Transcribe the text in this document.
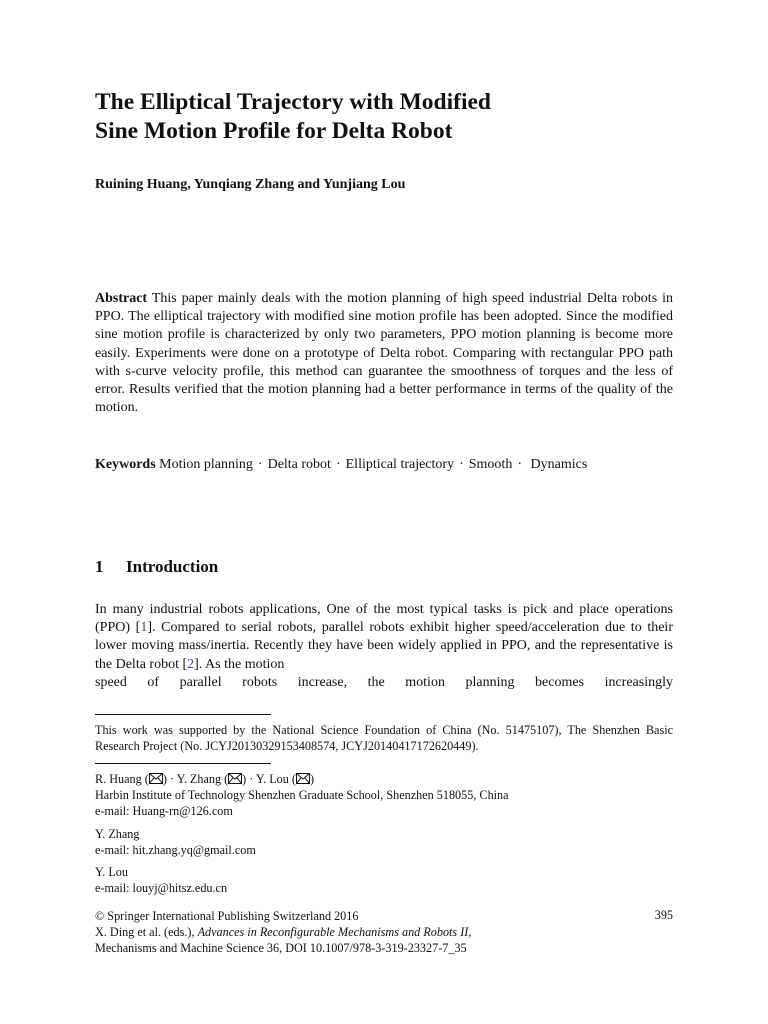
The Elliptical Trajectory with Modified
Sine Motion Profile for Delta Robot

Ruining Huang, Yunqiang Zhang and Yunjiang Lou

Abstract This paper mainly deals with the motion planning of high speed industrial Delta robots in PPO. The elliptical trajectory with modified sine motion profile has been adopted. Since the modified sine motion profile is characterized by only two parameters, PPO motion planning is become more easily. Experiments were done on a prototype of Delta robot. Comparing with rectangular PPO path with s-curve velocity profile, this method can guarantee the smoothness of torques and the less of error. Results verified that the motion planning had a better performance in terms of the quality of the motion.

Keywords Motion planning · Delta robot · Elliptical trajectory · Smooth · Dynamics

1 Introduction

In many industrial robots applications, One of the most typical tasks is pick and place operations (PPO) [1]. Compared to serial robots, parallel robots exhibit higher speed/acceleration due to their lower moving mass/inertia. Recently they have been widely applied in PPO, and the representative is the Delta robot [2]. As the motion
speed of parallel robots increase, the motion planning becomes increasingly

This work was supported by the National Science Foundation of China (No. 51475107), The Shenzhen Basic Research Project (No. JCYJ20130329153408574, JCYJ20140417172620449).

R. Huang ( ) · Y. Zhang ( ) · Y. Lou ( )

Harbin Institute of Technology Shenzhen Graduate School, Shenzhen 518055, China

e-mail: Huang-rn@126.com

Y. Zhang

e-mail: hit.zhang.yq@gmail.com

Y. Lou

e-mail: louyj@hitsz.edu.cn

© Springer International Publishing Switzerland 2016
X. Ding et al. (eds.), Advances in Reconfigurable Mechanisms and Robots II,
Mechanisms and Machine Science 36, DOI 10.1007/978-3-319-23327-7_35

395
